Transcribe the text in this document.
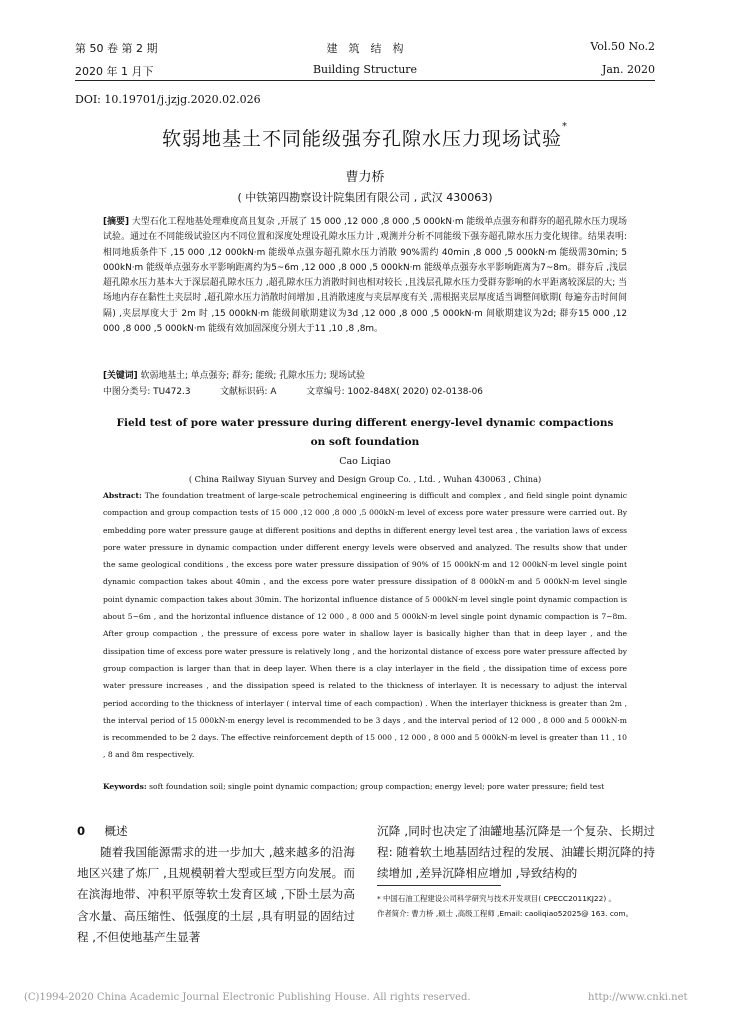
第 50 卷 第 2 期
2020 年 1 月下
建　筑　结　构
Building Structure
Vol.50 No.2
Jan. 2020
DOI: 10.19701/j.jzjg.2020.02.026
软弱地基土不同能级强夯孔隙水压力现场试验*
曹力桥
( 中铁第四勘察设计院集团有限公司 , 武汉 430063)
[摘要] 大型石化工程地基处理难度高且复杂 ,开展了 15 000 ,12 000 ,8 000 ,5 000kN·m 能级单点强夯和群夯的超孔隙水压力现场试验。通过在不同能级试验区内不同位置和深度处理设孔隙水压力计 ,观测并分析不同能级下强夯超孔隙水压力变化规律。结果表明: 相同地质条件下 ,15 000 ,12 000kN·m 能级单点强夯超孔隙水压力消散 90%需约 40min ,8 000 ,5 000kN·m 能级需30min; 5 000kN·m 能级单点强夯水平影响距离约为5~6m ,12 000 ,8 000 ,5 000kN·m 能级单点强夯水平影响距离为7~8m。群夯后 ,浅层超孔隙水压力基本大于深层超孔隙水压力 ,超孔隙水压力消散时间也相对较长 ,且浅层孔隙水压力受群夯影响的水平距离较深层的大; 当场地内存在黏性土夹层时 ,超孔隙水压力消散时间增加 ,且消散速度与夹层厚度有关 ,需根据夹层厚度适当调整间歇期( 每遍夯击时间间隔) ,夹层厚度大于 2m 时 ,15 000kN·m 能级间歇期建议为3d ,12 000 ,8 000 ,5 000kN·m 间歇期建议为2d; 群夯15 000 ,12 000 ,8 000 ,5 000kN·m 能级有效加固深度分别大于11 ,10 ,8 ,8m。
[关键词] 软弱地基土; 单点强夯; 群夯; 能级; 孔隙水压力; 现场试验
中图分类号: TU472.3	文献标识码: A	文章编号: 1002-848X( 2020) 02-0138-06
Field test of pore water pressure during different energy-level dynamic compactions
on soft foundation
Cao Liqiao
( China Railway Siyuan Survey and Design Group Co. , Ltd. , Wuhan 430063 , China)
Abstract: The foundation treatment of large-scale petrochemical engineering is difficult and complex , and field single point dynamic compaction and group compaction tests of 15 000 ,12 000 ,8 000 ,5 000kN·m level of excess pore water pressure were carried out. By embedding pore water pressure gauge at different positions and depths in different energy level test area , the variation laws of excess pore water pressure in dynamic compaction under different energy levels were observed and analyzed. The results show that under the same geological conditions , the excess pore water pressure dissipation of 90% of 15 000kN·m and 12 000kN·m level single point dynamic compaction takes about 40min , and the excess pore water pressure dissipation of 8 000kN·m and 5 000kN·m level single point dynamic compaction takes about 30min. The horizontal influence distance of 5 000kN·m level single point dynamic compaction is about 5~6m , and the horizontal influence distance of 12 000 , 8 000 and 5 000kN·m level single point dynamic compaction is 7~8m. After group compaction , the pressure of excess pore water in shallow layer is basically higher than that in deep layer , and the dissipation time of excess pore water pressure is relatively long , and the horizontal distance of excess pore water pressure affected by group compaction is larger than that in deep layer. When there is a clay interlayer in the field , the dissipation time of excess pore water pressure increases , and the dissipation speed is related to the thickness of interlayer. It is necessary to adjust the interval period according to the thickness of interlayer ( interval time of each compaction) . When the interlayer thickness is greater than 2m , the interval period of 15 000kN·m energy level is recommended to be 3 days , and the interval period of 12 000 , 8 000 and 5 000kN·m is recommended to be 2 days. The effective reinforcement depth of 15 000 , 12 000 , 8 000 and 5 000kN·m level is greater than 11 , 10 , 8 and 8m respectively.
Keywords: soft foundation soil; single point dynamic compaction; group compaction; energy level; pore water pressure; field test
0 概述
随着我国能源需求的进一步加大 ,越来越多的沿海地区兴建了炼厂 ,且规模朝着大型或巨型方向发展。而在滨海地带、冲积平原等软土发育区域 ,下卧土层为高含水量、高压缩性、低强度的土层 ,具有明显的固结过程 ,不但使地基产生显著
沉降 ,同时也决定了油罐地基沉降是一个复杂、长期过程: 随着软土地基固结过程的发展、油罐长期沉降的持续增加 ,差异沉降相应增加 ,导致结构的
* 中国石油工程建设公司科学研究与技术开发项目( CPECC2011KJ22) 。
作者简介: 曹力桥 ,硕士 ,高级工程师 ,Email: caoliqiao52025@ 163. com。
(C)1994-2020 China Academic Journal Electronic Publishing House. All rights reserved.	http://www.cnki.net
